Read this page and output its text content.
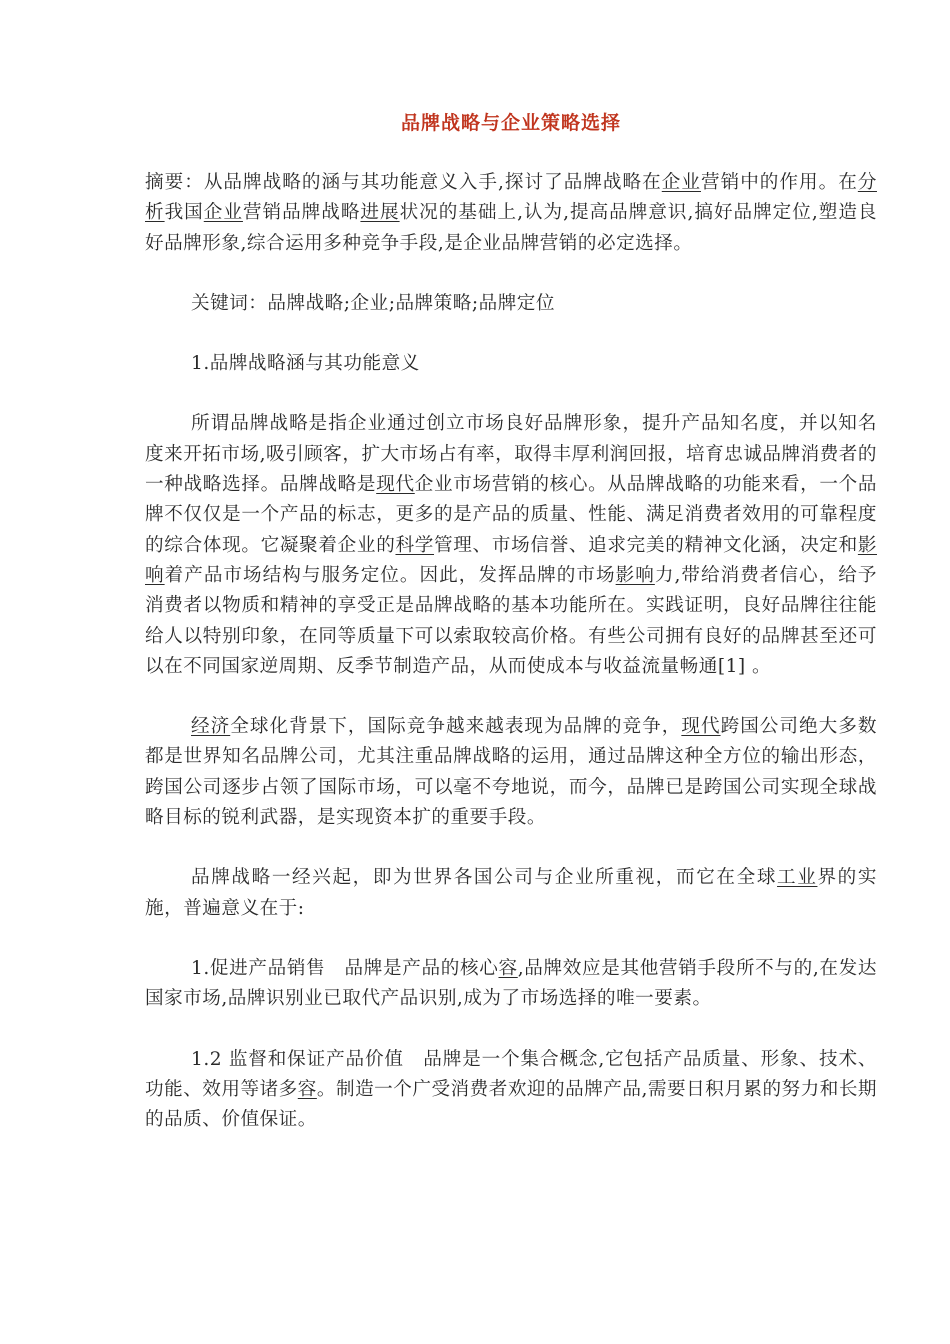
品牌战略与企业策略选择

摘要：从品牌战略的涵与其功能意义入手,探讨了品牌战略在企业营销中的作用。在分析我国企业营销品牌战略进展状况的基础上,认为,提高品牌意识,搞好品牌定位,塑造良好品牌形象,综合运用多种竞争手段,是企业品牌营销的必定选择。

关键词：品牌战略;企业;品牌策略;品牌定位

1.品牌战略涵与其功能意义

所谓品牌战略是指企业通过创立市场良好品牌形象，提升产品知名度，并以知名度来开拓市场,吸引顾客，扩大市场占有率，取得丰厚利润回报，培育忠诚品牌消费者的一种战略选择。品牌战略是现代企业市场营销的核心。从品牌战略的功能来看，一个品牌不仅仅是一个产品的标志，更多的是产品的质量、性能、满足消费者效用的可靠程度的综合体现。它凝聚着企业的科学管理、市场信誉、追求完美的精神文化涵，决定和影响着产品市场结构与服务定位。因此，发挥品牌的市场影响力,带给消费者信心，给予消费者以物质和精神的享受正是品牌战略的基本功能所在。实践证明，良好品牌往往能给人以特别印象，在同等质量下可以索取较高价格。有些公司拥有良好的品牌甚至还可以在不同国家逆周期、反季节制造产品，从而使成本与收益流量畅通[1] 。

经济全球化背景下，国际竞争越来越表现为品牌的竞争，现代跨国公司绝大多数都是世界知名品牌公司，尤其注重品牌战略的运用，通过品牌这种全方位的输出形态，跨国公司逐步占领了国际市场，可以毫不夸地说，而今，品牌已是跨国公司实现全球战略目标的锐利武器，是实现资本扩的重要手段。

品牌战略一经兴起，即为世界各国公司与企业所重视，而它在全球工业界的实施，普遍意义在于:

1.促进产品销售　品牌是产品的核心容,品牌效应是其他营销手段所不与的,在发达国家市场,品牌识别业已取代产品识别,成为了市场选择的唯一要素。

1.2 监督和保证产品价值　品牌是一个集合概念,它包括产品质量、形象、技术、功能、效用等诸多容。制造一个广受消费者欢迎的品牌产品,需要日积月累的努力和长期的品质、价值保证。
